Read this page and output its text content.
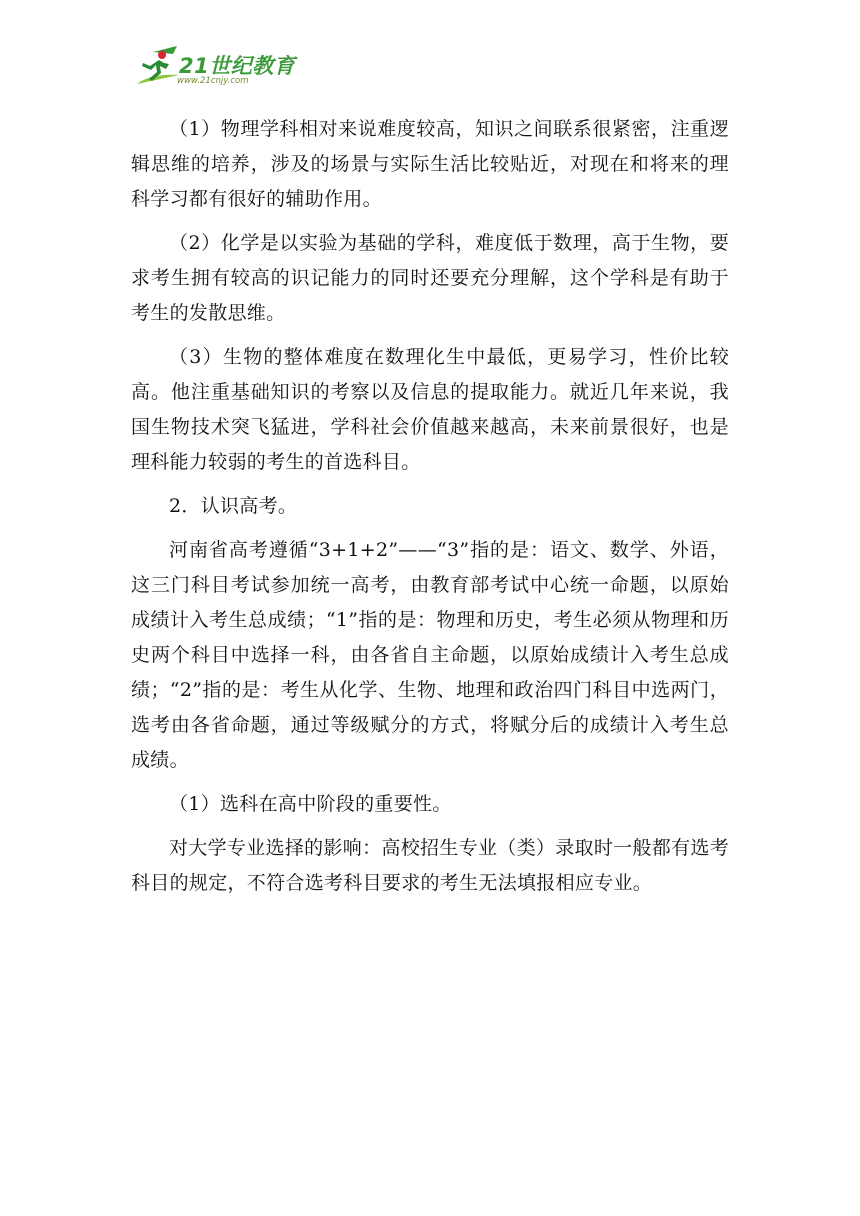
21世纪教育
www.21cnjy.com

（1）物理学科相对来说难度较高，知识之间联系很紧密，注重逻辑思维的培养，涉及的场景与实际生活比较贴近，对现在和将来的理科学习都有很好的辅助作用。

（2）化学是以实验为基础的学科，难度低于数理，高于生物，要求考生拥有较高的识记能力的同时还要充分理解，这个学科是有助于考生的发散思维。

（3）生物的整体难度在数理化生中最低，更易学习，性价比较高。他注重基础知识的考察以及信息的提取能力。就近几年来说，我国生物技术突飞猛进，学科社会价值越来越高，未来前景很好，也是理科能力较弱的考生的首选科目。

2．认识高考。

河南省高考遵循“3+1+2”——“3”指的是：语文、数学、外语，这三门科目考试参加统一高考，由教育部考试中心统一命题，以原始成绩计入考生总成绩；“1”指的是：物理和历史，考生必须从物理和历史两个科目中选择一科，由各省自主命题，以原始成绩计入考生总成绩；“2”指的是：考生从化学、生物、地理和政治四门科目中选两门，选考由各省命题，通过等级赋分的方式，将赋分后的成绩计入考生总成绩。

（1）选科在高中阶段的重要性。

对大学专业选择的影响：高校招生专业（类）录取时一般都有选考科目的规定，不符合选考科目要求的考生无法填报相应专业。
